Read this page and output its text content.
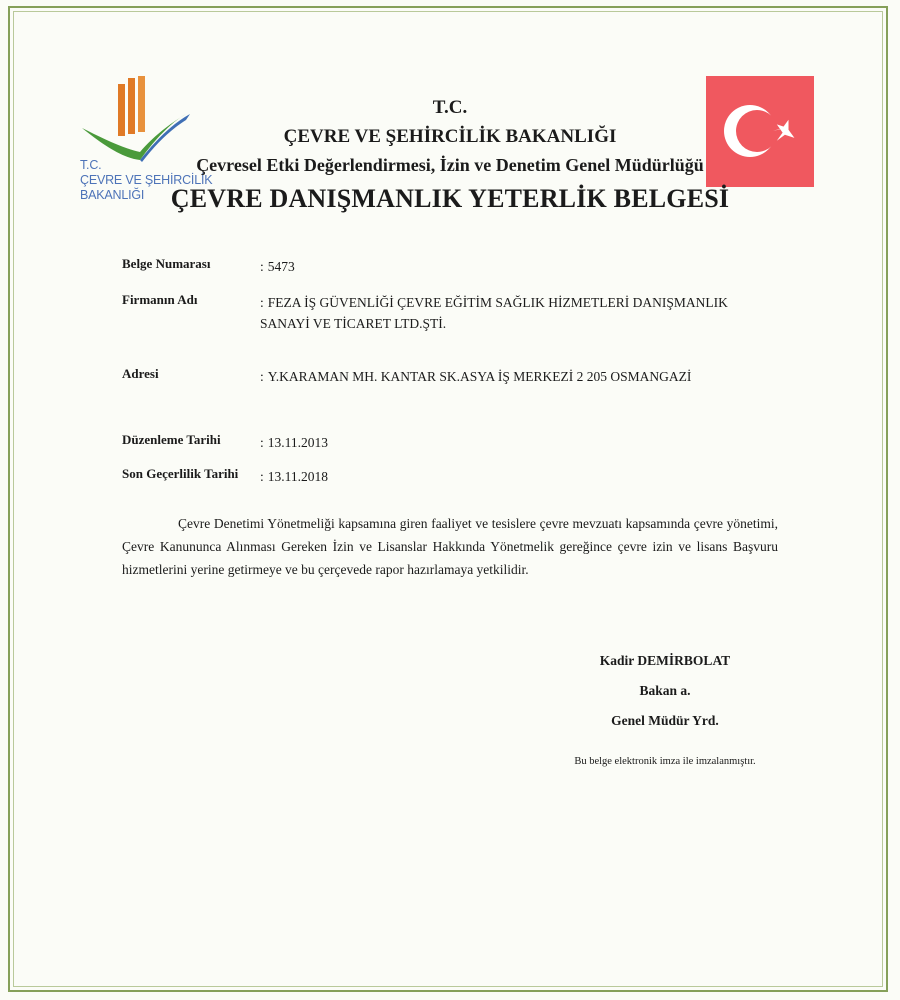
T.C.
ÇEVRE VE ŞEHİRCİLİK
BAKANLIĞI
T.C.
ÇEVRE VE ŞEHİRCİLİK BAKANLIĞI
Çevresel Etki Değerlendirmesi, İzin ve Denetim Genel Müdürlüğü
ÇEVRE DANIŞMANLIK YETERLİK BELGESİ
Belge Numarası	: 5473
Firmanın Adı	: FEZA İŞ GÜVENLİĞİ ÇEVRE EĞİTİM SAĞLIK HİZMETLERİ DANIŞMANLIK
SANAYİ VE TİCARET LTD.ŞTİ.
Adresi	: Y.KARAMAN MH. KANTAR SK.ASYA İŞ MERKEZİ 2 205 OSMANGAZİ
Düzenleme Tarihi	: 13.11.2013
Son Geçerlilik Tarihi : 13.11.2018
Çevre Denetimi Yönetmeliği kapsamına giren faaliyet ve tesislere çevre mevzuatı kapsamında çevre yönetimi, Çevre Kanununca Alınması Gereken İzin ve Lisanslar Hakkında Yönetmelik gereğince çevre izin ve lisans Başvuru hizmetlerini yerine getirmeye ve bu çerçevede rapor hazırlamaya yetkilidir.
Kadir DEMİRBOLAT
Bakan a.
Genel Müdür Yrd.
Bu belge elektronik imza ile imzalanmıştır.
